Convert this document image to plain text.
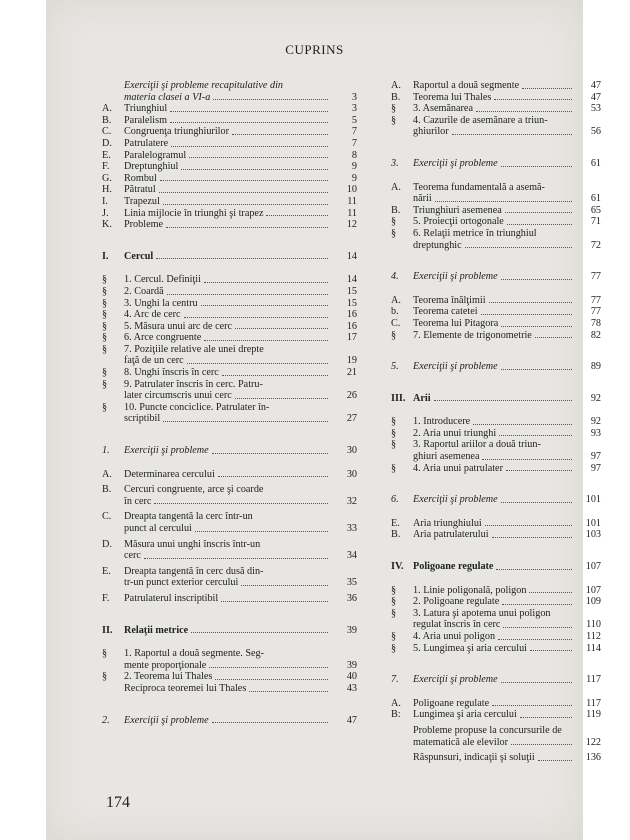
CUPRINS
Exerciţii şi probleme recapitulative din
materia clasei a VI-a	3
A.	Triunghiul	3
B.	Paralelism	5
C.	Congruenţa triunghiurilor	7
D.	Patrulatere	7
E.	Paralelogramul	8
F.	Dreptunghiul	9
G.	Rombul	9
H.	Pătratul	10
I.	Trapezul	11
J.	Linia mijlocie în triunghi şi trapez	11
K.	Probleme	12
I.	Cercul	14
§	1. Cercul. Definiţii	14
§	2. Coardă	15
§	3. Unghi la centru	15
§	4. Arc de cerc	16
§	5. Măsura unui arc de cerc	16
§	6. Arce congruente	17
§	7. Poziţiile relative ale unei drepte
faţă de un cerc	19
§	8. Unghi înscris în cerc	21
§	9. Patrulater înscris în cerc. Patru-
later circumscris unui cerc	26
§	10. Puncte conciclice. Patrulater în-
scriptibil	27
1.	Exerciţii şi probleme	30
A.	Determinarea cercului	30
B.	Cercuri congruente, arce şi coarde
în cerc	32
C.	Dreapta tangentă la cerc într-un
punct al cercului	33
D.	Măsura unui unghi înscris într-un
cerc	34
E.	Dreapta tangentă în cerc dusă din-
tr-un punct exterior cercului	35
F.	Patrulaterul inscriptibil	36
II.	Relaţii metrice	39
§	1. Raportul a două segmente. Seg-
mente proporţionale	39
§	2. Teorema lui Thales	40
Reciproca teoremei lui Thales	43
2.	Exerciţii şi probleme	47
A.	Raportul a două segmente	47
B.	Teorema lui Thales	47
§	3. Asemănarea	53
§	4. Cazurile de asemănare a triun-
ghiurilor	56
3.	Exerciţii şi probleme	61
A.	Teorema fundamentală a asemă-
nării	61
B.	Triunghiuri asemenea	65
§	5. Proiecţii ortogonale	71
§	6. Relaţii metrice în triunghiul
dreptunghic	72
4.	Exerciţii şi probleme	77
A.	Teorema înălţimii	77
b.	Teorema catetei	77
C.	Teorema lui Pitagora	78
§	7. Elemente de trigonometrie	82
5.	Exerciţii şi probleme	89
III. Arii	92
§	1. Introducere	92
§	2. Aria unui triunghi	93
§	3. Raportul ariilor a două triun-
ghiuri asemenea	97
§	4. Aria unui patrulater	97
6.	Exerciţii şi probleme	101
E.	Aria triunghiului	101
B.	Aria patrulaterului	103
IV. Poligoane regulate	107
§	1. Linie poligonală, poligon	107
§	2. Poligoane regulate	109
§	3. Latura şi apotema unui poligon
regulat înscris în cerc	110
§	4. Aria unui poligon	112
§	5. Lungimea şi aria cercului	114
7.	Exerciţii şi probleme	117
A.	Poligoane regulate	117
B:	Lungimea şi aria cercului	119
Probleme propuse la concursurile de
matematică ale elevilor	122
Răspunsuri, indicaţii şi soluţii	136
174
